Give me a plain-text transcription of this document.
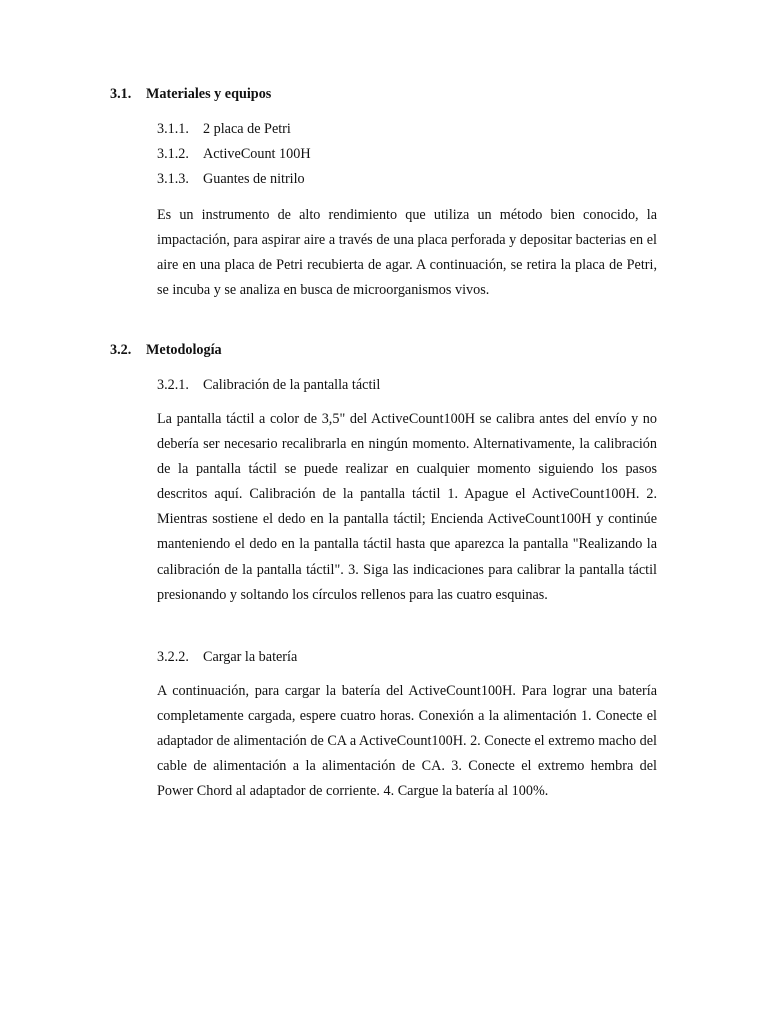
3.1. Materiales y equipos
3.1.1. 2 placa de Petri
3.1.2. ActiveCount 100H
3.1.3. Guantes de nitrilo

Es un instrumento de alto rendimiento que utiliza un método bien conocido, la impactación, para aspirar aire a través de una placa perforada y depositar bacterias en el aire en una placa de Petri recubierta de agar. A continuación, se retira la placa de Petri, se incuba y se analiza en busca de microorganismos vivos.

3.2. Metodología
3.2.1. Calibración de la pantalla táctil

La pantalla táctil a color de 3,5" del ActiveCount100H se calibra antes del envío y no debería ser necesario recalibrarla en ningún momento. Alternativamente, la calibración de la pantalla táctil se puede realizar en cualquier momento siguiendo los pasos descritos aquí. Calibración de la pantalla táctil 1. Apague el ActiveCount100H. 2. Mientras sostiene el dedo en la pantalla táctil; Encienda ActiveCount100H y continúe manteniendo el dedo en la pantalla táctil hasta que aparezca la pantalla "Realizando la calibración de la pantalla táctil". 3. Siga las indicaciones para calibrar la pantalla táctil presionando y soltando los círculos rellenos para las cuatro esquinas.

3.2.2. Cargar la batería

A continuación, para cargar la batería del ActiveCount100H. Para lograr una batería completamente cargada, espere cuatro horas. Conexión a la alimentación 1. Conecte el adaptador de alimentación de CA a ActiveCount100H. 2. Conecte el extremo macho del cable de alimentación a la alimentación de CA. 3. Conecte el extremo hembra del Power Chord al adaptador de corriente. 4. Cargue la batería al 100%.
